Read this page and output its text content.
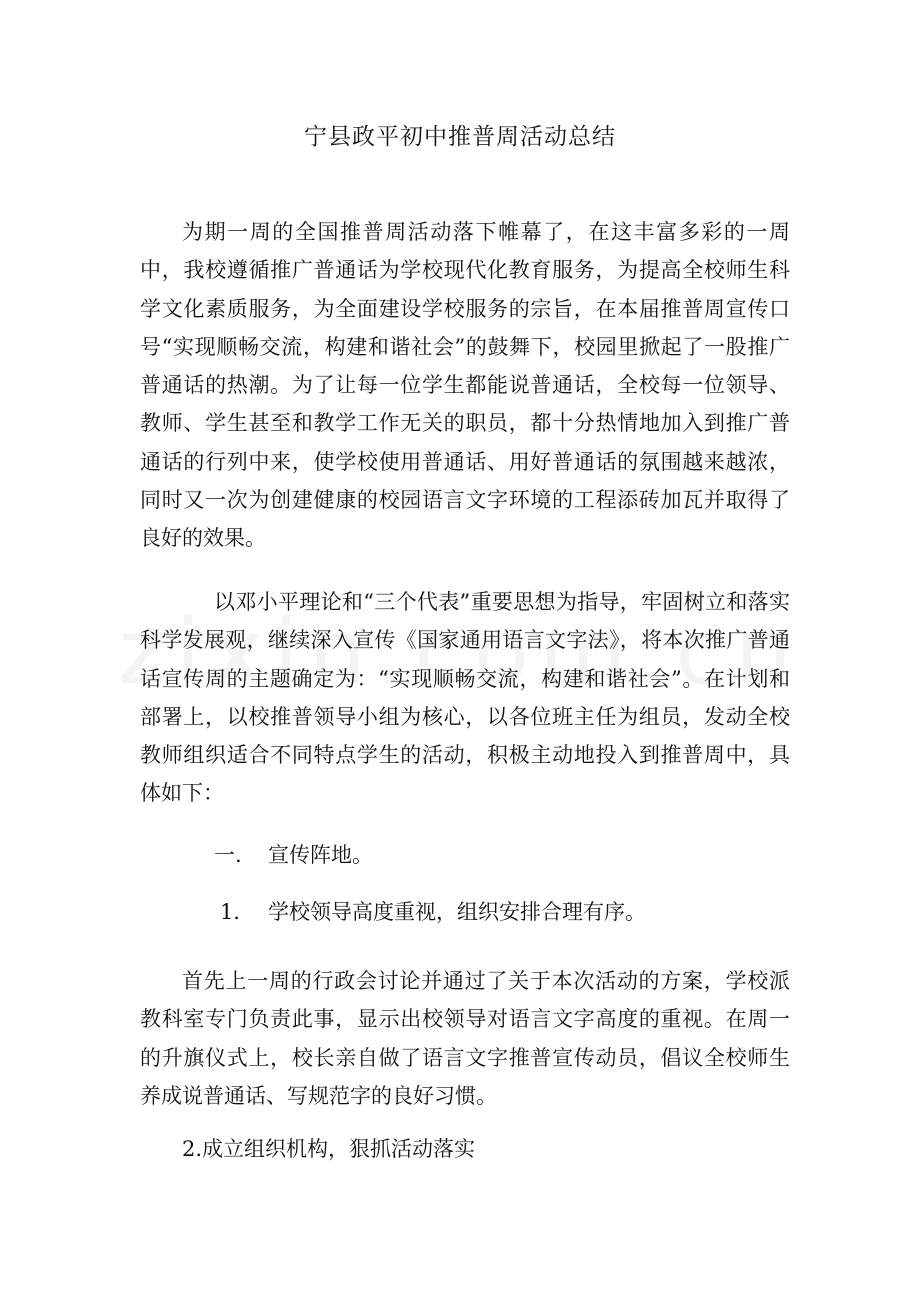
宁县政平初中推普周活动总结

为期一周的全国推普周活动落下帷幕了，在这丰富多彩的一周中，我校遵循推广普通话为学校现代化教育服务，为提高全校师生科学文化素质服务，为全面建设学校服务的宗旨，在本届推普周宣传口号“实现顺畅交流，构建和谐社会”的鼓舞下，校园里掀起了一股推广普通话的热潮。为了让每一位学生都能说普通话，全校每一位领导、教师、学生甚至和教学工作无关的职员，都十分热情地加入到推广普通话的行列中来，使学校使用普通话、用好普通话的氛围越来越浓，同时又一次为创建健康的校园语言文字环境的工程添砖加瓦并取得了良好的效果。

以邓小平理论和“三个代表”重要思想为指导，牢固树立和落实科学发展观，继续深入宣传《国家通用语言文字法》，将本次推广普通话宣传周的主题确定为：“实现顺畅交流，构建和谐社会”。在计划和部署上，以校推普领导小组为核心，以各位班主任为组员，发动全校教师组织适合不同特点学生的活动，积极主动地投入到推普周中，具体如下：

一. 宣传阵地。

1． 学校领导高度重视，组织安排合理有序。

首先上一周的行政会讨论并通过了关于本次活动的方案，学校派教科室专门负责此事，显示出校领导对语言文字高度的重视。在周一的升旗仪式上，校长亲自做了语言文字推普宣传动员，倡议全校师生养成说普通话、写规范字的良好习惯。

2.成立组织机构，狠抓活动落实
